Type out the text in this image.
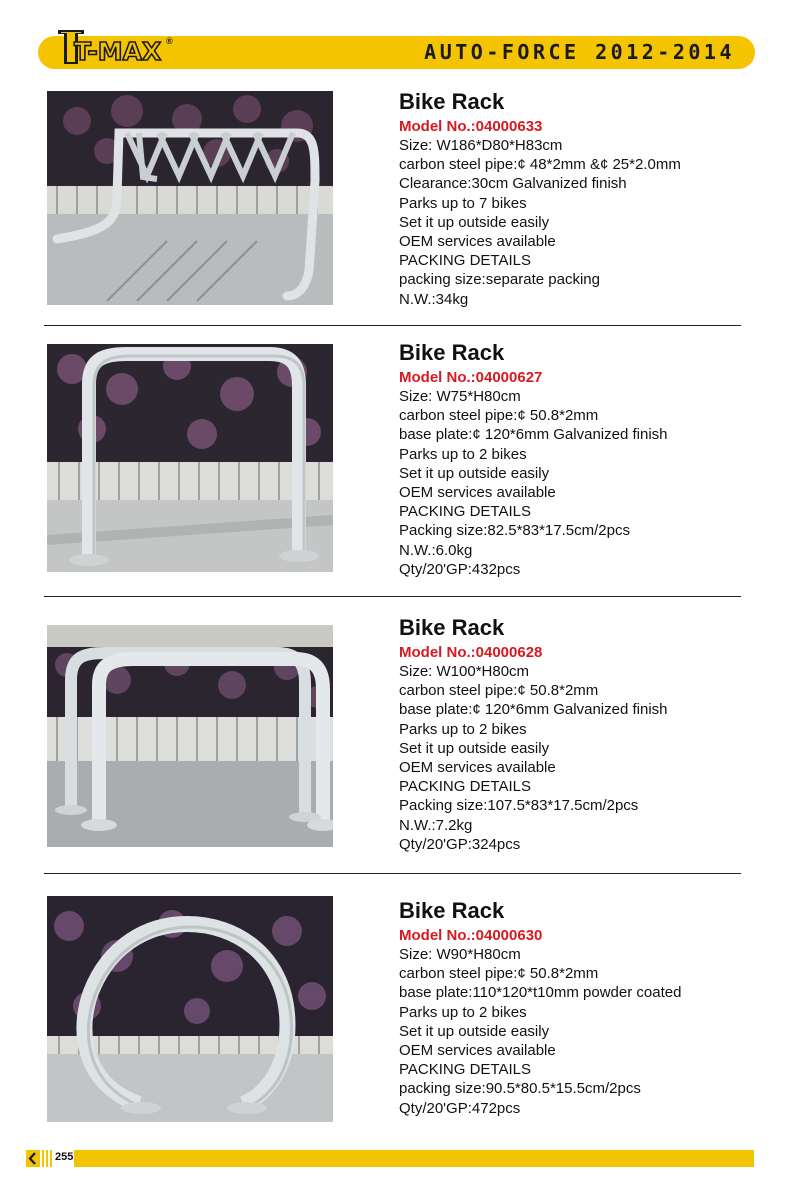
T-MAX ®	AUTO-FORCE 2012-2014
Bike Rack
Model No.:04000633
Size: W186*D80*H83cm
carbon steel pipe:¢ 48*2mm &¢ 25*2.0mm
Clearance:30cm Galvanized finish
Parks up to 7 bikes
Set it up outside easily
OEM services available
PACKING DETAILS
packing size:separate packing
N.W.:34kg
Bike Rack
Model No.:04000627
Size: W75*H80cm
carbon steel pipe:¢ 50.8*2mm
base plate:¢ 120*6mm Galvanized finish
Parks up to 2 bikes
Set it up outside easily
OEM services available
PACKING DETAILS
Packing size:82.5*83*17.5cm/2pcs
N.W.:6.0kg
Qty/20'GP:432pcs
Bike Rack
Model No.:04000628
Size: W100*H80cm
carbon steel pipe:¢ 50.8*2mm
base plate:¢ 120*6mm Galvanized finish
Parks up to 2 bikes
Set it up outside easily
OEM services available
PACKING DETAILS
Packing size:107.5*83*17.5cm/2pcs
N.W.:7.2kg
Qty/20'GP:324pcs
Bike Rack
Model No.:04000630
Size: W90*H80cm
carbon steel pipe:¢ 50.8*2mm
base plate:110*120*t10mm powder coated
Parks up to 2 bikes
Set it up outside easily
OEM services available
PACKING DETAILS
packing size:90.5*80.5*15.5cm/2pcs
Qty/20'GP:472pcs
255
